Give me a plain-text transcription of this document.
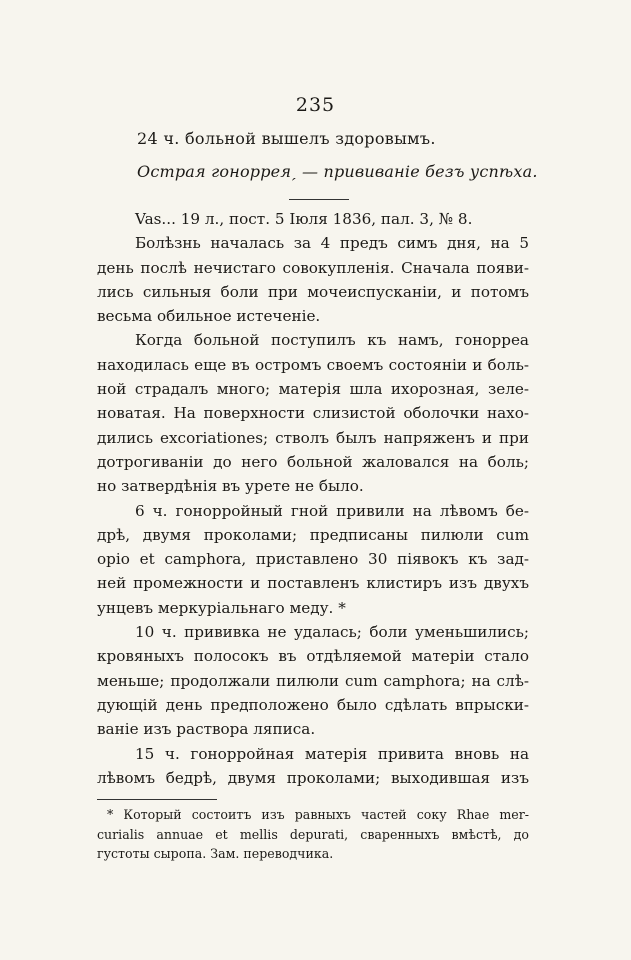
235
24 ч. больной вышелъ здоровымъ.
Острая гонорреяˏ — прививанiе безъ успѣха.
Vas... 19 л., пост. 5 Iюля 1836, пал. 3, № 8.
Болѣзнь началась за 4 предъ симъ дня, на 5
день послѣ нечистаго совокупленiя. Сначала появи-
лись сильныя боли при мочеиспусканiи, и потомъ
весьма обильное истеченiе.
Когда больной поступилъ къ намъ, гонорреа
находилась еще въ остромъ своемъ состоянiи и боль-
ной страдалъ много; матерiя шла ихорозная, зеле-
новатая. На поверхности слизистой оболочки нахо-
дились excoriationes; стволъ былъ напряженъ и при
дотрогиванiи до него больной жаловался на боль;
но затвердѣнiя въ урете не было.
6 ч. гонорройный гной привили на лѣвомъ бе-
дрѣ, двумя проколами; предписаны пилюли cum
opio et camphora, приставлено 30 пiявокъ къ зад-
ней промежности и поставленъ клистиръ изъ двухъ
унцевъ меркурiальнаго меду. *
10 ч. прививка не удалась; боли уменьшились;
кровяныхъ полосокъ въ отдѣляемой матерiи стало
меньше; продолжали пилюли cum camphora; на слѣ-
дующiй день предположено было сдѣлать впрыски-
ванiе изъ раствора ляписа.
15 ч. гонорройная матерiя привита вновь на
лѣвомъ бедрѣ, двумя проколами; выходившая изъ
* Который состоитъ изъ равныхъ частей соку Rhae mer-
curialis annuae et mellis depurati, сваренныхъ вмѣстѣ, до
густоты сыропа. Зам. переводчика.
